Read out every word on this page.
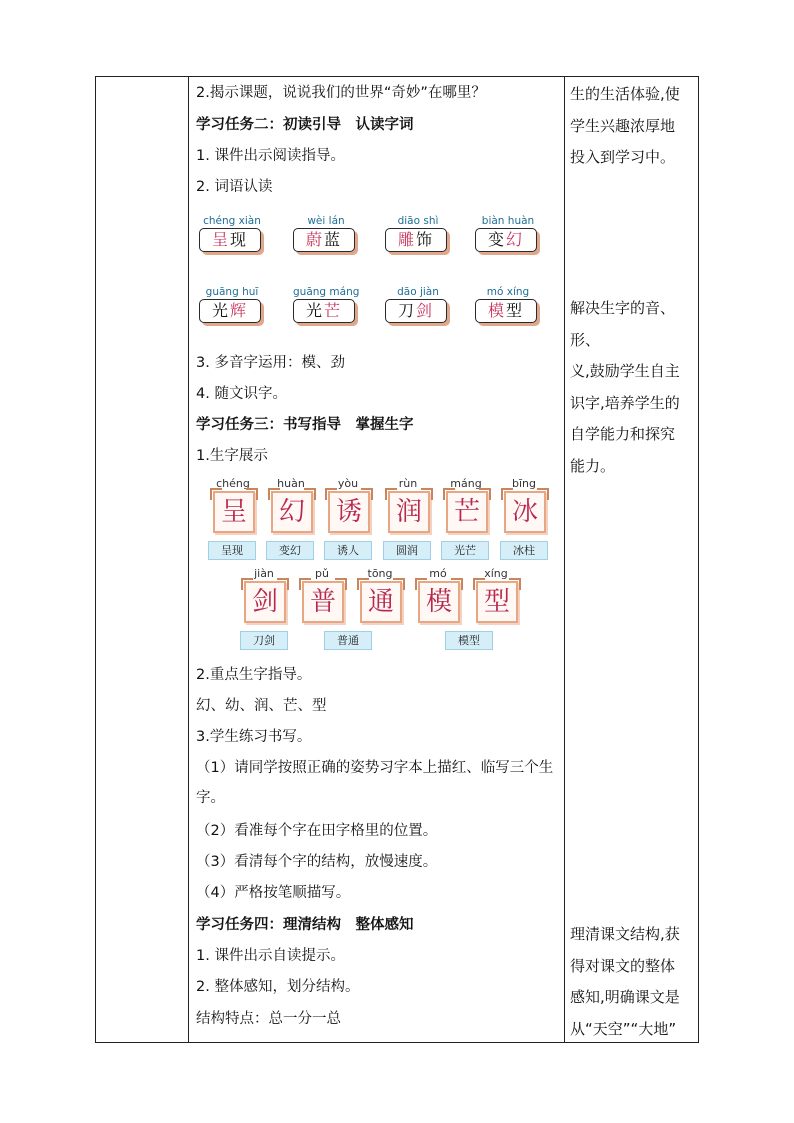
2.揭示课题，说说我们的世界“奇妙”在哪里？
学习任务二：初读引导　认读字词
1. 课件出示阅读指导。
2. 词语认读
chéng xiàn
呈现
wèi lán
蔚蓝
diāo shì
雕饰
biàn huàn
变幻
guāng huī
光辉
guāng máng
光芒
dāo jiàn
刀剑
mó xíng
模型
3. 多音字运用：模、劲
4. 随文识字。
学习任务三：书写指导　掌握生字
1.生字展示
chéng
呈
huàn
幻
yòu
诱
rùn
润
máng
芒
bīng
冰
呈现	变幻	诱人	圆润	光芒	冰柱
jiàn
剑
pǔ
普
tōng
通
mó
模
xíng
型
刀剑	普通	模型
2.重点生字指导。
幻、幼、润、芒、型
3.学生练习书写。
（1）请同学按照正确的姿势习字本上描红、临写三个生字。
（2）看准每个字在田字格里的位置。
（3）看清每个字的结构，放慢速度。
（4）严格按笔顺描写。
学习任务四：理清结构　整体感知
1. 课件出示自读提示。
2. 整体感知，划分结构。
结构特点：总一分一总
生的生活体验,使
学生兴趣浓厚地
投入到学习中。
解决生字的音、形、
义,鼓励学生自主
识字,培养学生的
自学能力和探究
能力。
理清课文结构,获
得对课文的整体
感知,明确课文是
从“天空”“大地”
